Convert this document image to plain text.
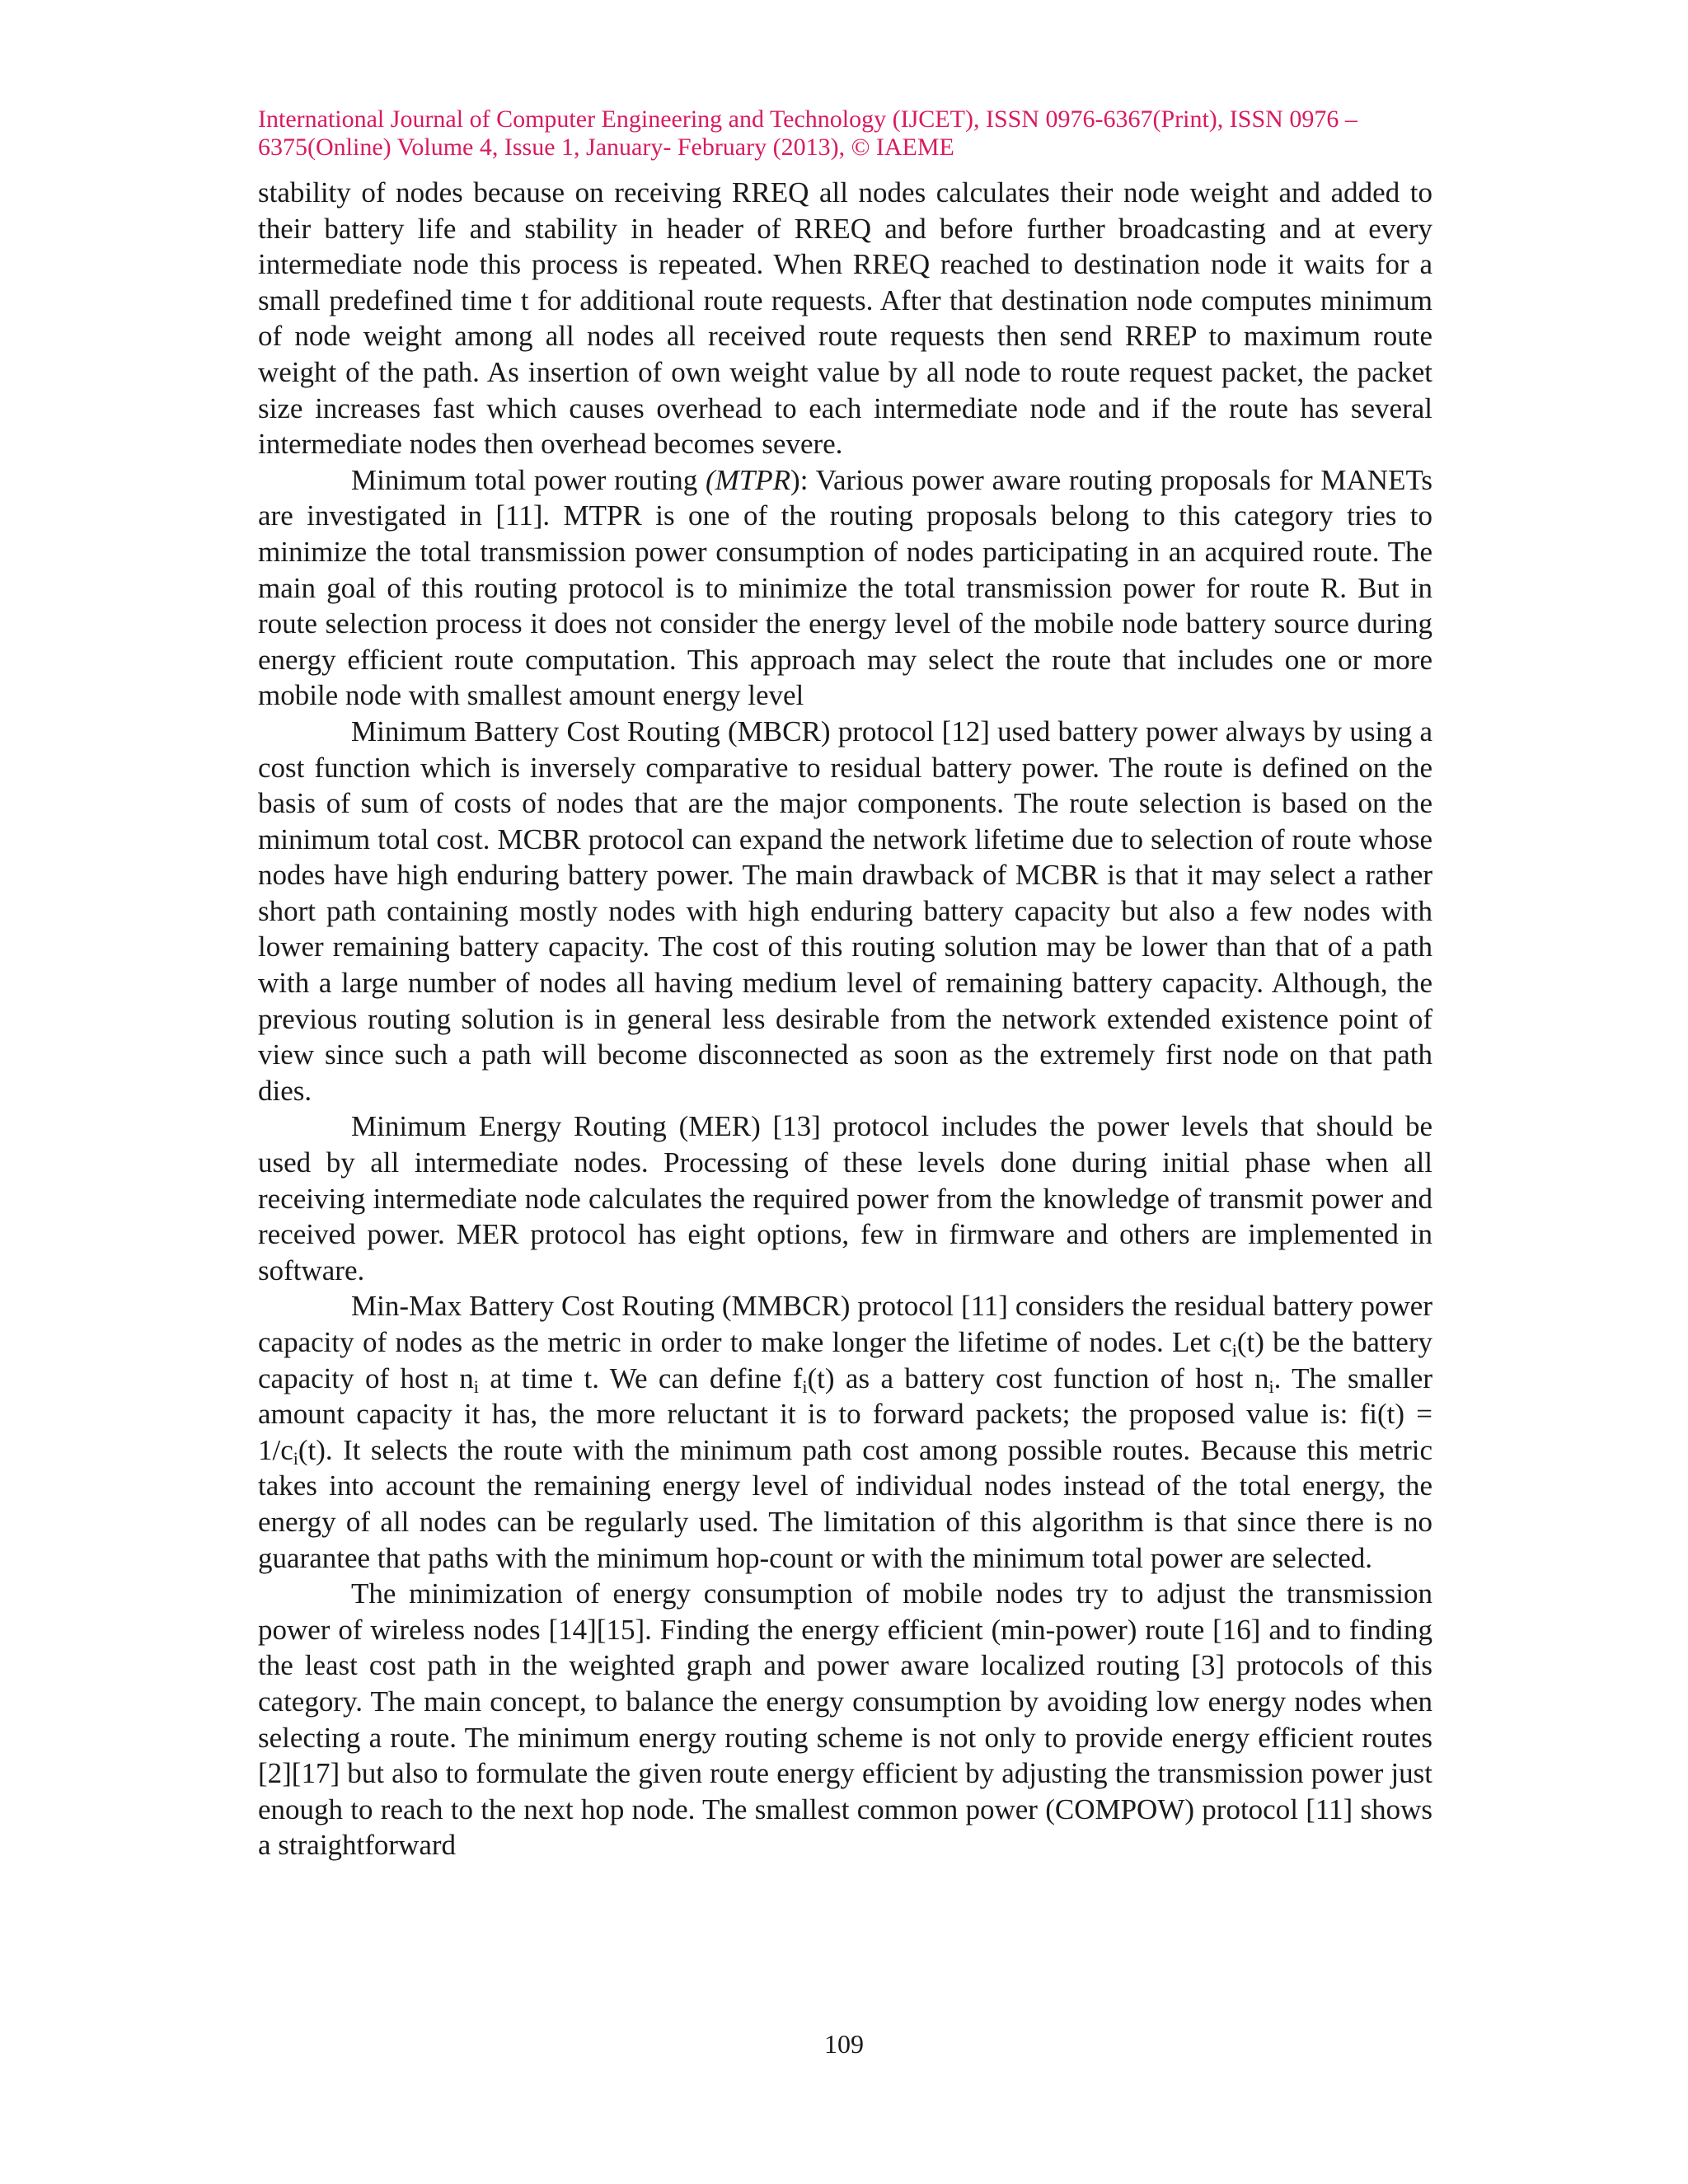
International Journal of Computer Engineering and Technology (IJCET), ISSN 0976-6367(Print), ISSN 0976 –
6375(Online) Volume 4, Issue 1, January- February (2013), © IAEME

stability of nodes because on receiving RREQ all nodes calculates their node weight and added to their battery life and stability in header of RREQ and before further broadcasting and at every intermediate node this process is repeated. When RREQ reached to destination node it waits for a small predefined time t for additional route requests. After that destination node computes minimum of node weight among all nodes all received route requests then send RREP to maximum route weight of the path. As insertion of own weight value by all node to route request packet, the packet size increases fast which causes overhead to each intermediate node and if the route has several intermediate nodes then overhead becomes severe.

Minimum total power routing (MTPR): Various power aware routing proposals for MANETs are investigated in [11]. MTPR is one of the routing proposals belong to this category tries to minimize the total transmission power consumption of nodes participating in an acquired route. The main goal of this routing protocol is to minimize the total transmission power for route R. But in route selection process it does not consider the energy level of the mobile node battery source during energy efficient route computation. This approach may select the route that includes one or more mobile node with smallest amount energy level

Minimum Battery Cost Routing (MBCR) protocol [12] used battery power always by using a cost function which is inversely comparative to residual battery power. The route is defined on the basis of sum of costs of nodes that are the major components. The route selection is based on the minimum total cost. MCBR protocol can expand the network lifetime due to selection of route whose nodes have high enduring battery power. The main drawback of MCBR is that it may select a rather short path containing mostly nodes with high enduring battery capacity but also a few nodes with lower remaining battery capacity. The cost of this routing solution may be lower than that of a path with a large number of nodes all having medium level of remaining battery capacity. Although, the previous routing solution is in general less desirable from the network extended existence point of view since such a path will become disconnected as soon as the extremely first node on that path dies.

Minimum Energy Routing (MER) [13] protocol includes the power levels that should be used by all intermediate nodes. Processing of these levels done during initial phase when all receiving intermediate node calculates the required power from the knowledge of transmit power and received power. MER protocol has eight options, few in firmware and others are implemented in software.

Min-Max Battery Cost Routing (MMBCR) protocol [11] considers the residual battery power capacity of nodes as the metric in order to make longer the lifetime of nodes. Let $c_i(t)$ be the battery capacity of host $n_i$ at time t. We can define $f_i(t)$ as a battery cost function of host $n_i$. The smaller amount capacity it has, the more reluctant it is to forward packets; the proposed value is: $fi(t) = 1/c_i(t)$. It selects the route with the minimum path cost among possible routes. Because this metric takes into account the remaining energy level of individual nodes instead of the total energy, the energy of all nodes can be regularly used. The limitation of this algorithm is that since there is no guarantee that paths with the minimum hop-count or with the minimum total power are selected.

The minimization of energy consumption of mobile nodes try to adjust the transmission power of wireless nodes [14][15]. Finding the energy efficient (min-power) route [16] and to finding the least cost path in the weighted graph and power aware localized routing [3] protocols of this category. The main concept, to balance the energy consumption by avoiding low energy nodes when selecting a route. The minimum energy routing scheme is not only to provide energy efficient routes [2][17] but also to formulate the given route energy efficient by adjusting the transmission power just enough to reach to the next hop node. The smallest common power (COMPOW) protocol [11] shows a straightforward

109
